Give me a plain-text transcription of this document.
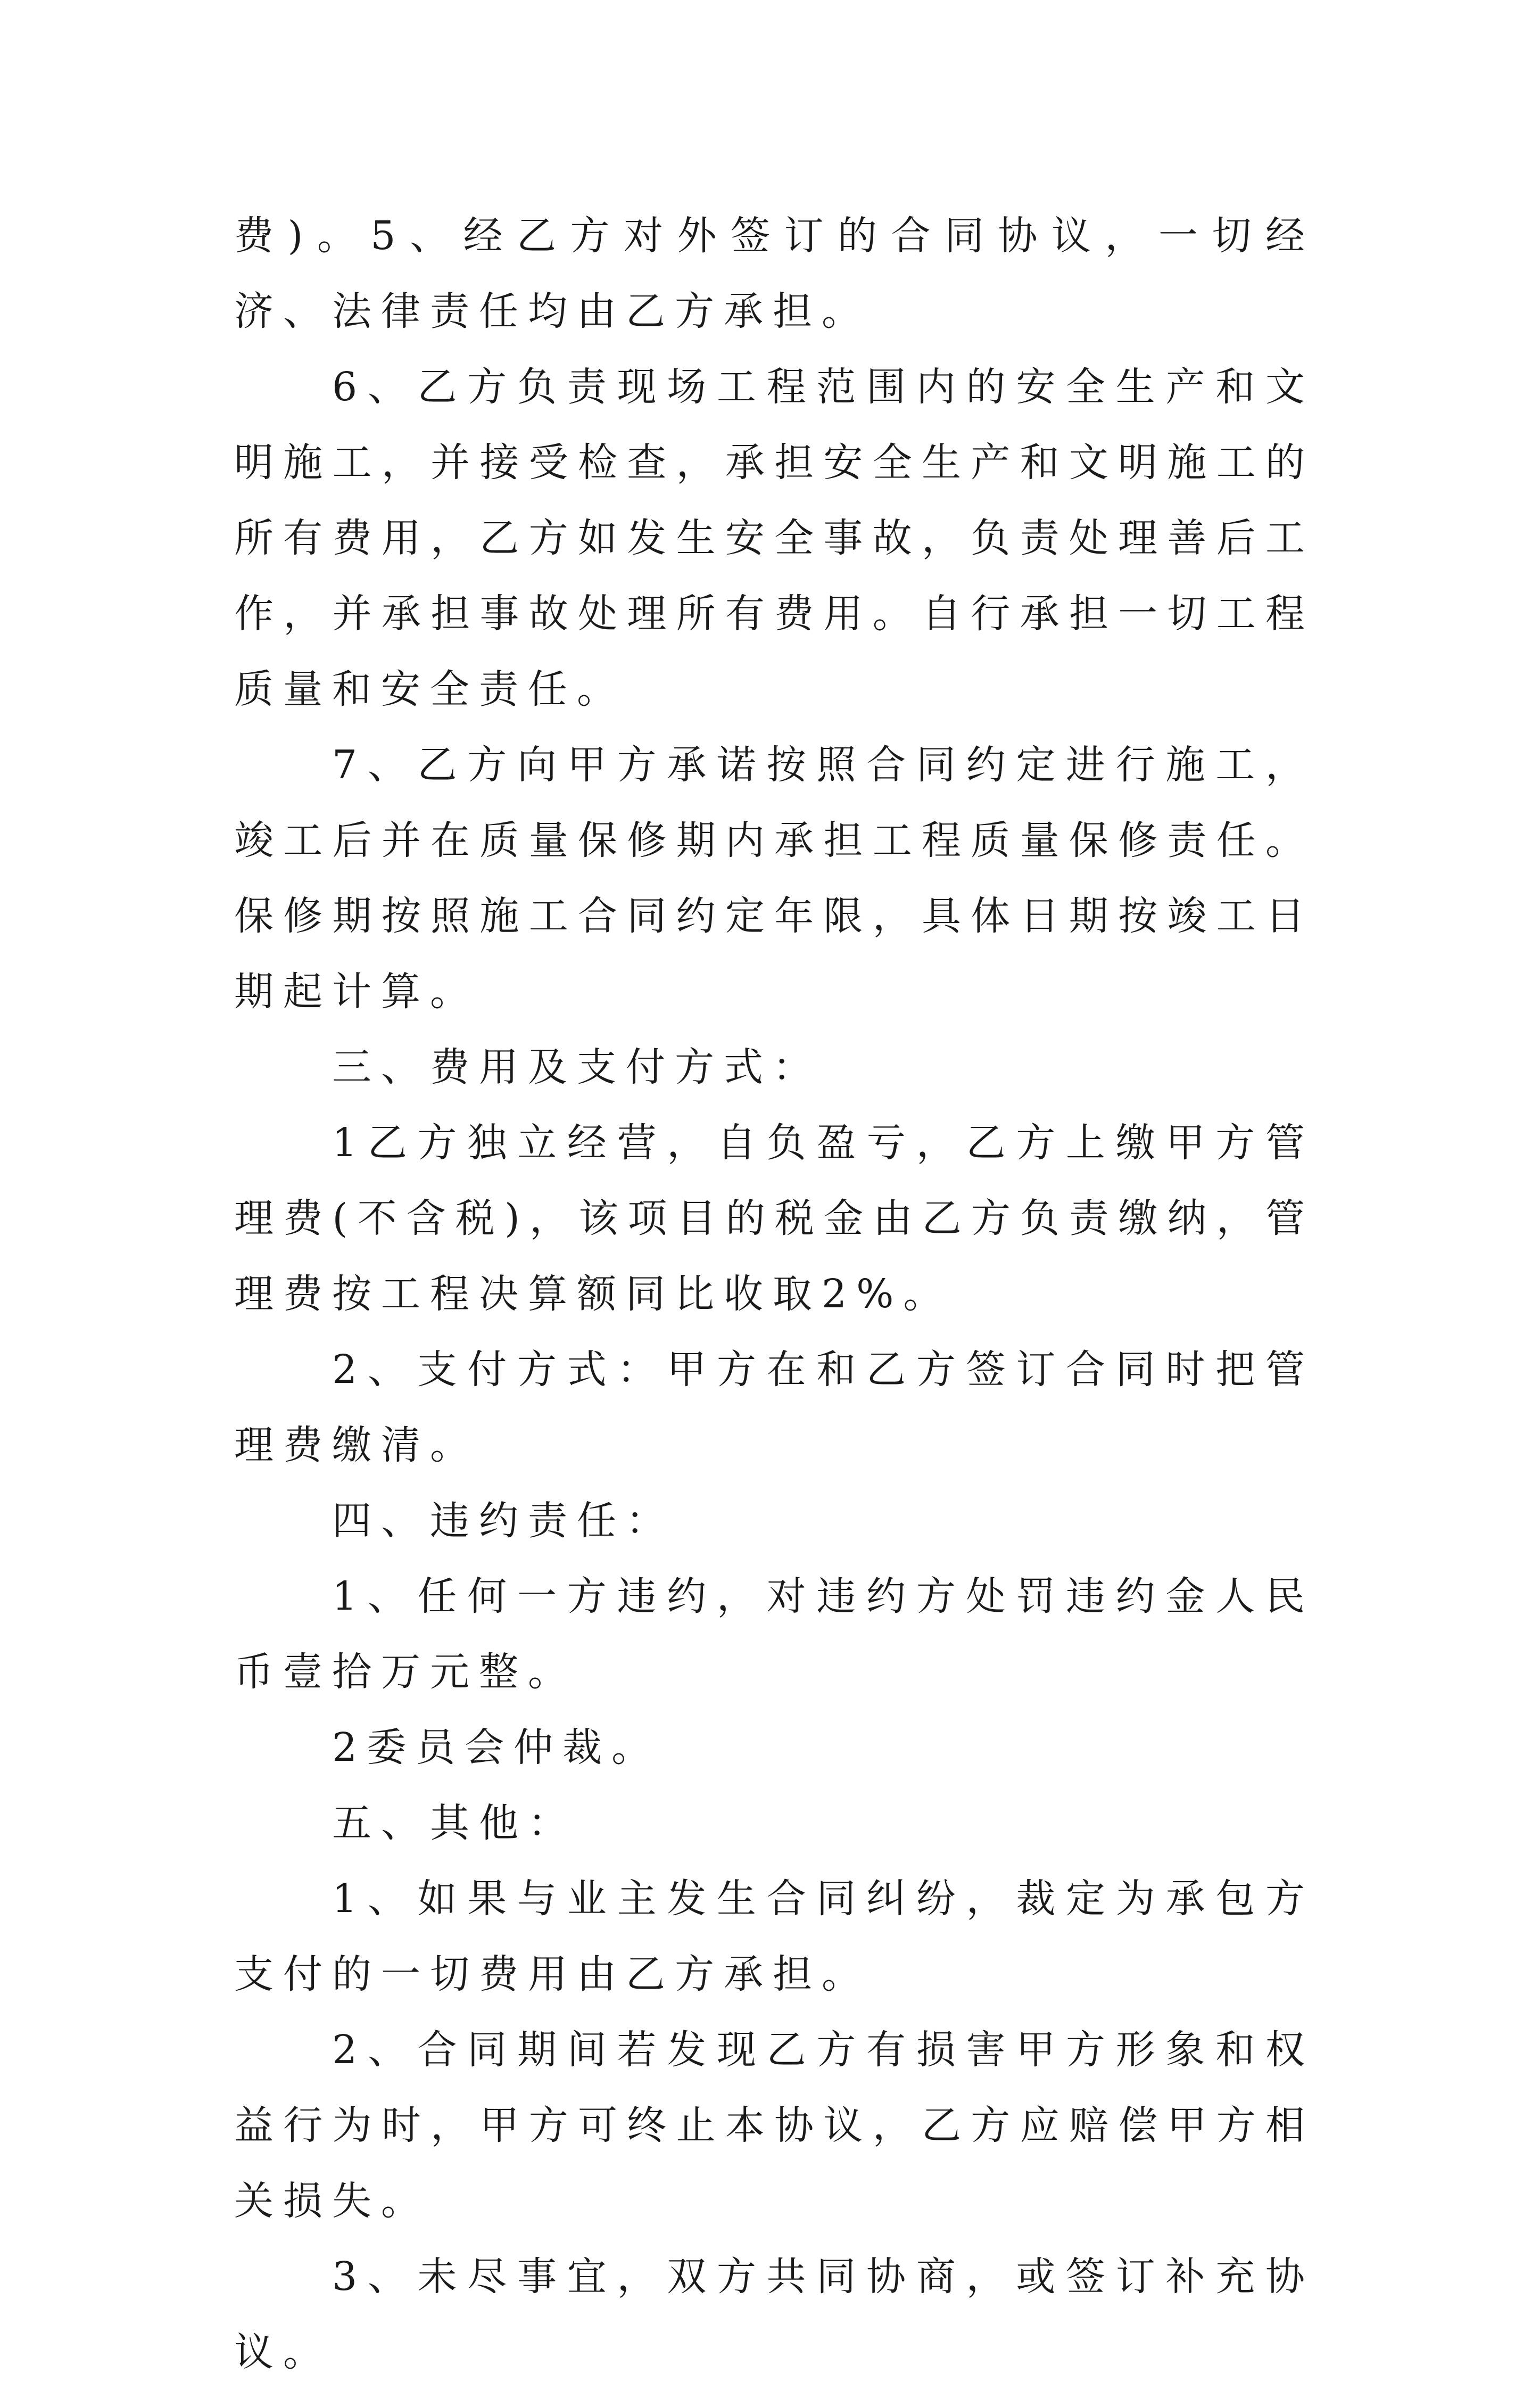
费)。5、经乙方对外签订的合同协议，一切经济、法律责任均由乙方承担。

6、乙方负责现场工程范围内的安全生产和文明施工，并接受检查，承担安全生产和文明施工的所有费用，乙方如发生安全事故，负责处理善后工作，并承担事故处理所有费用。自行承担一切工程质量和安全责任。

7、乙方向甲方承诺按照合同约定进行施工，竣工后并在质量保修期内承担工程质量保修责任。保修期按照施工合同约定年限，具体日期按竣工日期起计算。

三、费用及支付方式：

1乙方独立经营，自负盈亏，乙方上缴甲方管理费(不含税)，该项目的税金由乙方负责缴纳，管理费按工程决算额同比收取2%。

2、支付方式：甲方在和乙方签订合同时把管理费缴清。

四、违约责任：

1、任何一方违约，对违约方处罚违约金人民币壹拾万元整。

2委员会仲裁。

五、其他：

1、如果与业主发生合同纠纷，裁定为承包方支付的一切费用由乙方承担。

2、合同期间若发现乙方有损害甲方形象和权益行为时，甲方可终止本协议，乙方应赔偿甲方相关损失。

3、未尽事宜，双方共同协商，或签订补充协议。
